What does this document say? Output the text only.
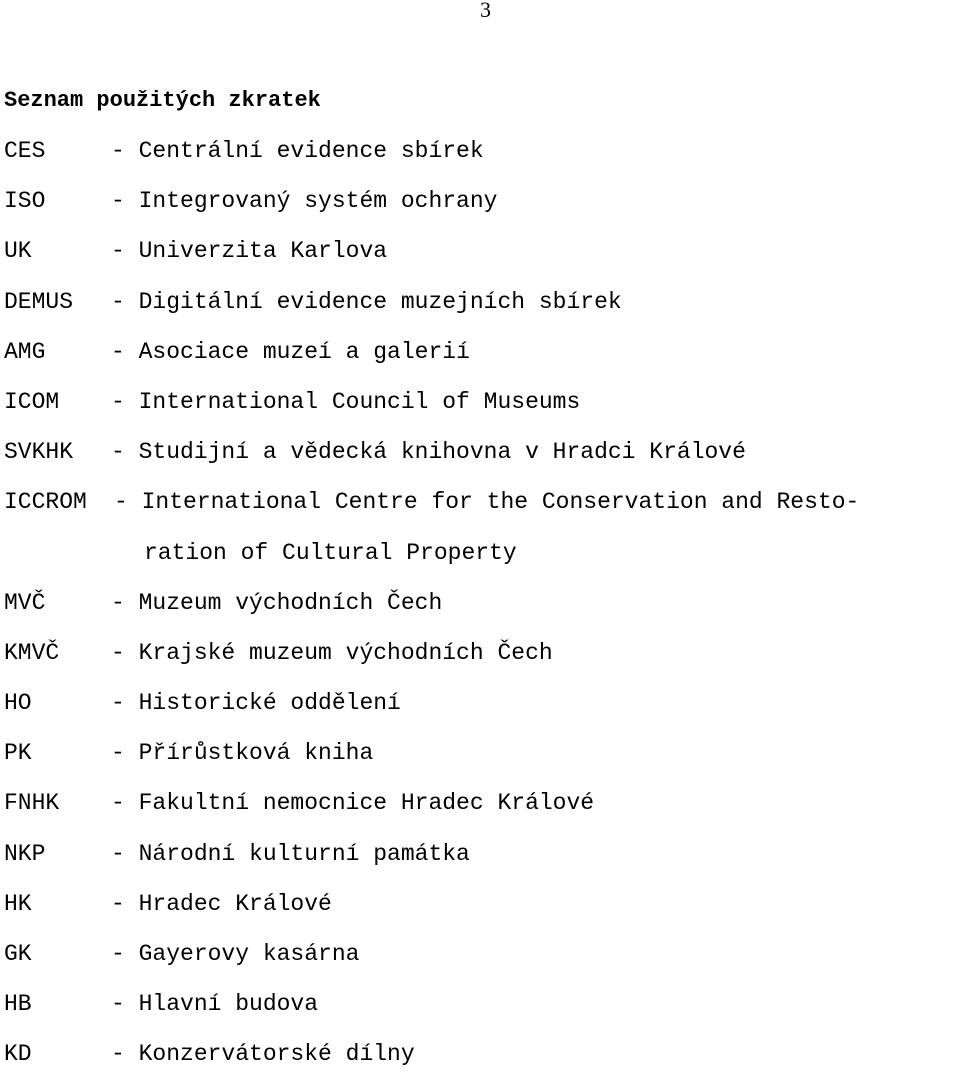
3
Seznam použitých zkratek
CES	- Centrální evidence sbírek
ISO	- Integrovaný systém ochrany
UK	- Univerzita Karlova
DEMUS - Digitální evidence muzejních sbírek
AMG	- Asociace muzeí a galerií
ICOM - International Council of Museums
SVKHK - Studijní a vědecká knihovna v Hradci Králové
ICCROM - International Centre for the Conservation and Resto-
ration of Cultural Property
MVČ	- Muzeum východních Čech
KMVČ - Krajské muzeum východních Čech
HO	- Historické oddělení
PK	- Přírůstková kniha
FNHK - Fakultní nemocnice Hradec Králové
NKP	- Národní kulturní památka
HK	- Hradec Králové
GK	- Gayerovy kasárna
HB	- Hlavní budova
KD	- Konzervátorské dílny
